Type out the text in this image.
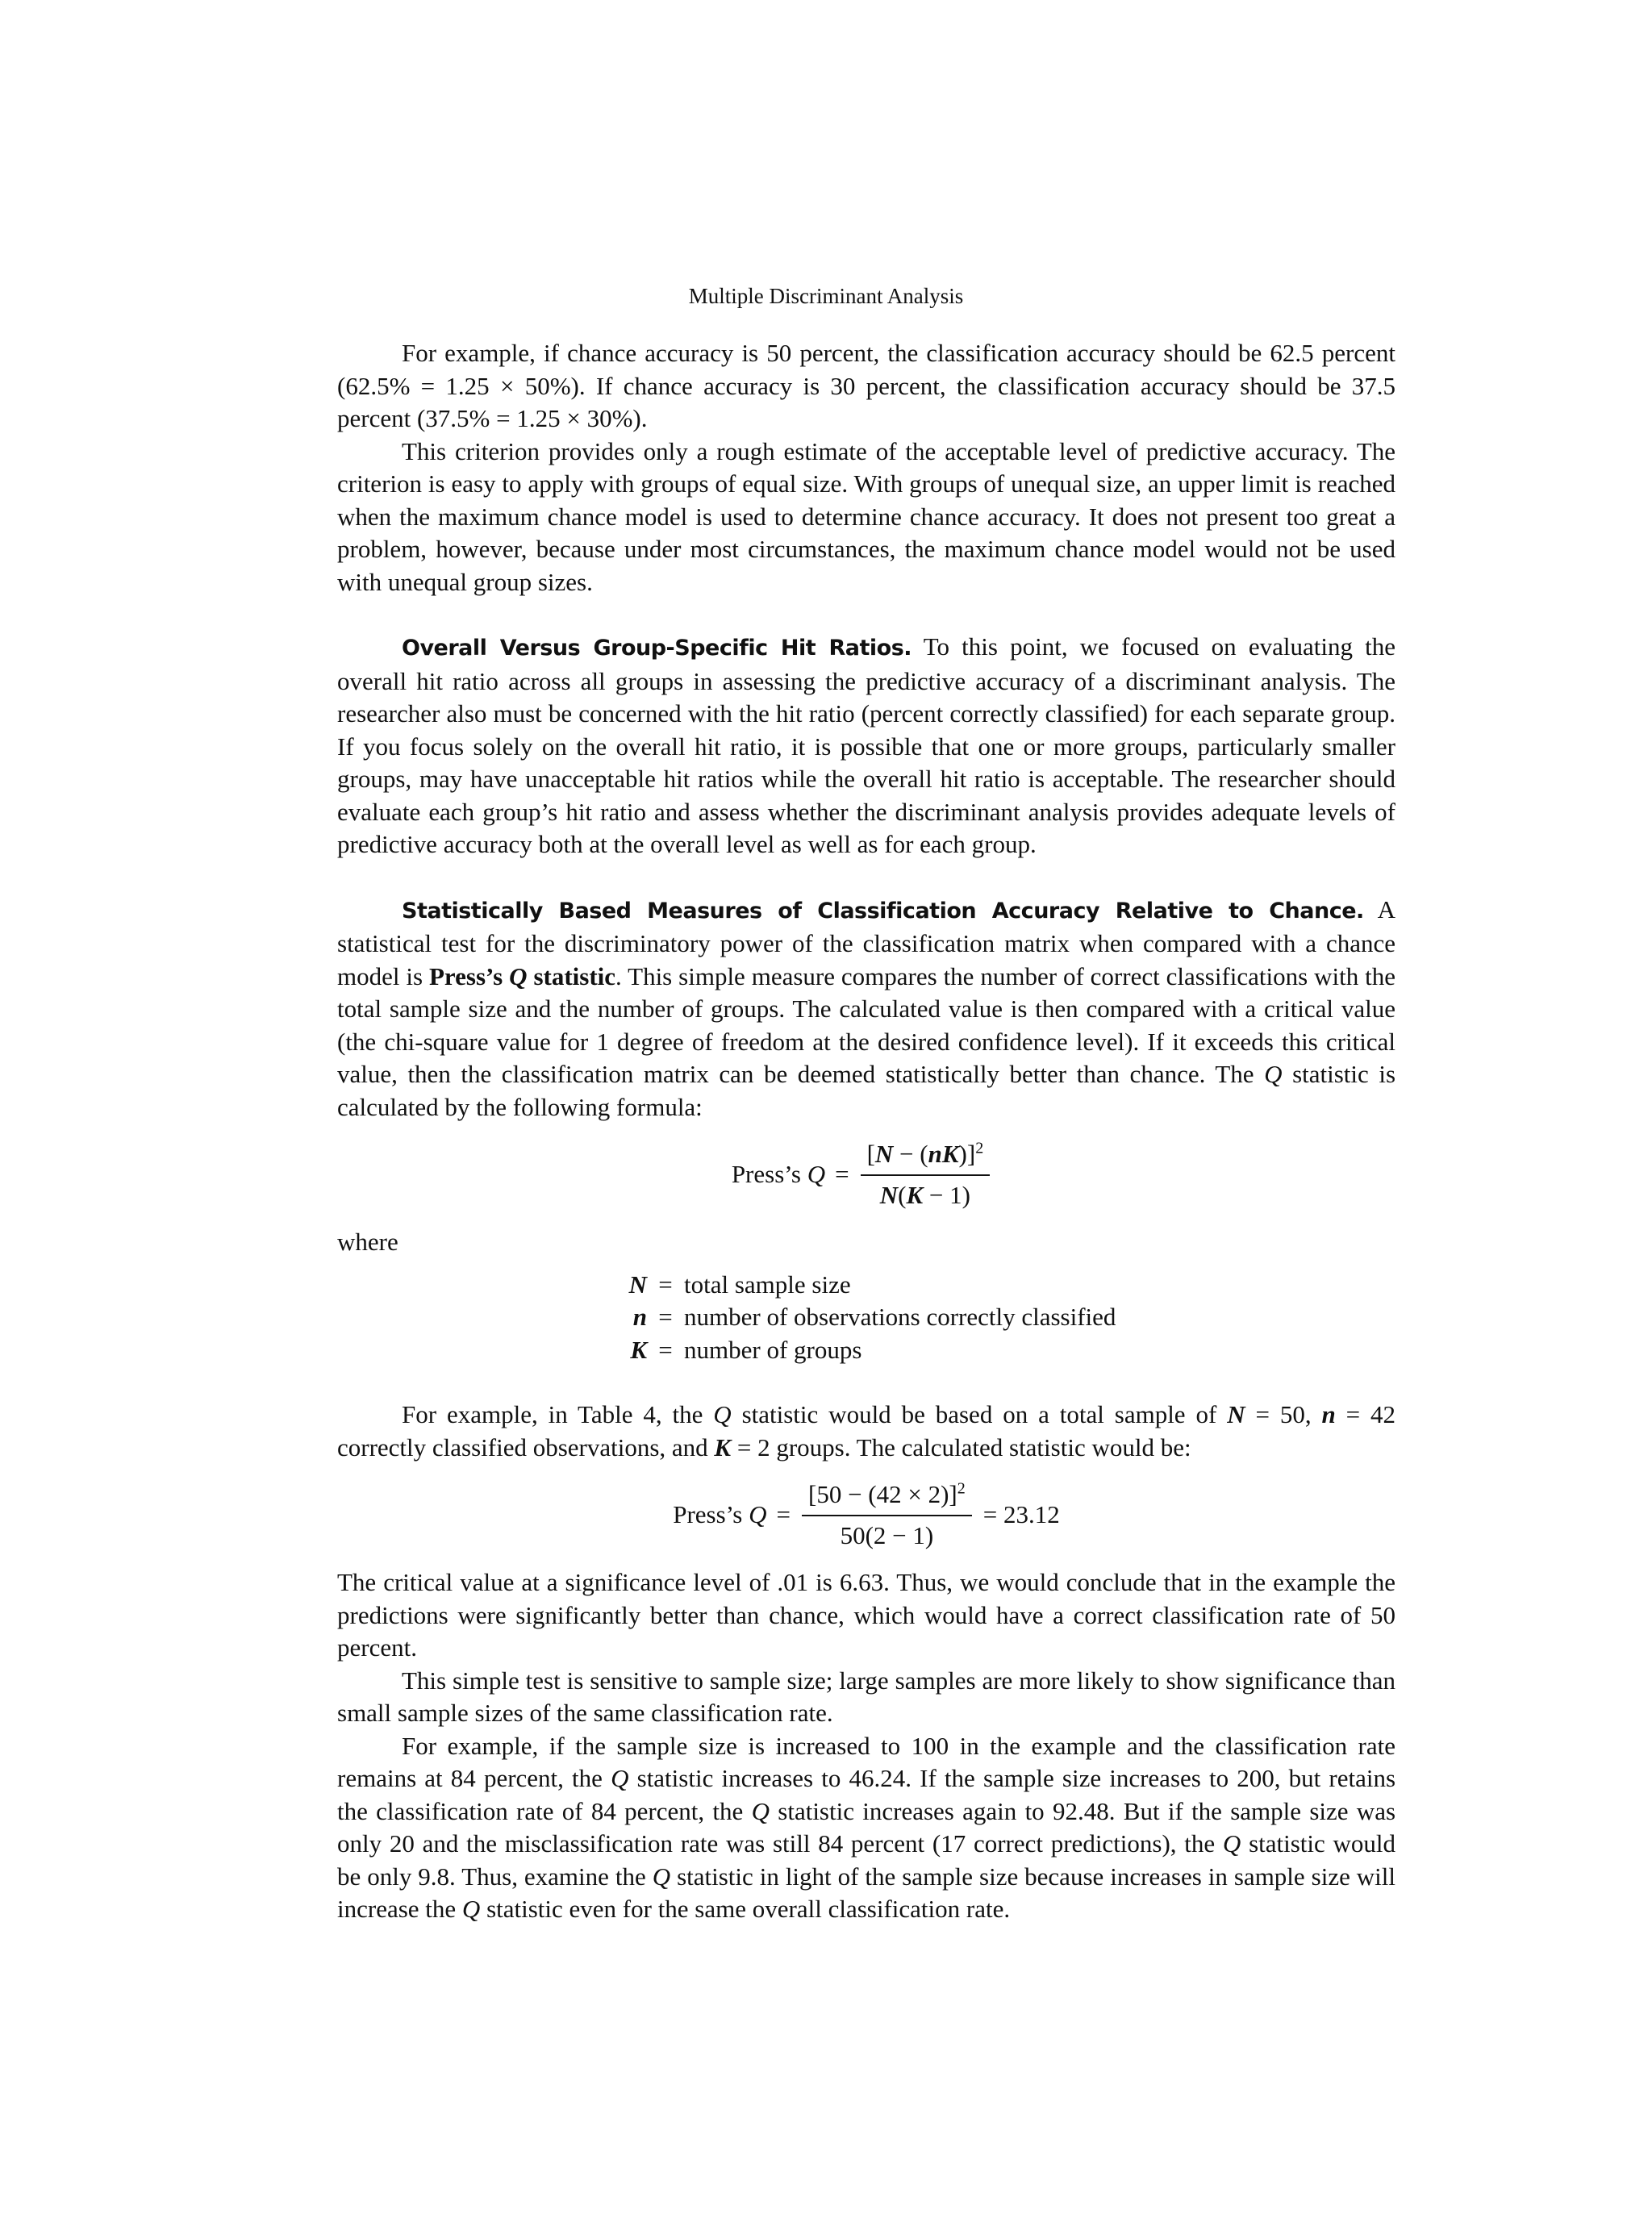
Multiple Discriminant Analysis

For example, if chance accuracy is 50 percent, the classification accuracy should be 62.5 percent (62.5% = 1.25 × 50%). If chance accuracy is 30 percent, the classification accuracy should be 37.5 percent (37.5% = 1.25 × 30%).

This criterion provides only a rough estimate of the acceptable level of predictive accuracy. The criterion is easy to apply with groups of equal size. With groups of unequal size, an upper limit is reached when the maximum chance model is used to determine chance accuracy. It does not present too great a problem, however, because under most circumstances, the maximum chance model would not be used with unequal group sizes.

Overall Versus Group-Specific Hit Ratios. To this point, we focused on evaluating the overall hit ratio across all groups in assessing the predictive accuracy of a discriminant analysis. The researcher also must be concerned with the hit ratio (percent correctly classified) for each separate group. If you focus solely on the overall hit ratio, it is possible that one or more groups, particularly smaller groups, may have unacceptable hit ratios while the overall hit ratio is acceptable. The researcher should evaluate each group’s hit ratio and assess whether the discriminant analysis provides adequate levels of predictive accuracy both at the overall level as well as for each group.

Statistically Based Measures of Classification Accuracy Relative to Chance. A statistical test for the discriminatory power of the classification matrix when compared with a chance model is Press’s Q statistic. This simple measure compares the number of correct classifications with the total sample size and the number of groups. The calculated value is then compared with a critical value (the chi-square value for 1 degree of freedom at the desired confidence level). If it exceeds this critical value, then the classification matrix can be deemed statistically better than chance. The Q statistic is calculated by the following formula:

Press’s
$Q = \frac{[N - (nK)]^2}{N(K - 1)}$
where
N = total sample size
n = number of observations correctly classified
K = number of groups

For example, in Table 4, the Q statistic would be based on a total sample of N = 50, n = 42 correctly classified observations, and K = 2 groups. The calculated statistic would be:

Press’s
$Q = \frac{[50 - (42 \times 2)]^2}{50(2 - 1)}$ =
23.12

The critical value at a significance level of .01 is 6.63. Thus, we would conclude that in the example the predictions were significantly better than chance, which would have a correct classification rate of 50 percent.

This simple test is sensitive to sample size; large samples are more likely to show significance than small sample sizes of the same classification rate.

For example, if the sample size is increased to 100 in the example and the classification rate remains at 84 percent, the Q statistic increases to 46.24. If the sample size increases to 200, but retains the classification rate of 84 percent, the Q statistic increases again to 92.48. But if the sample size was only 20 and the misclassification rate was still 84 percent (17 correct predictions), the Q statistic would be only 9.8. Thus, examine the Q statistic in light of the sample size because increases in sample size will increase the Q statistic even for the same overall classification rate.
